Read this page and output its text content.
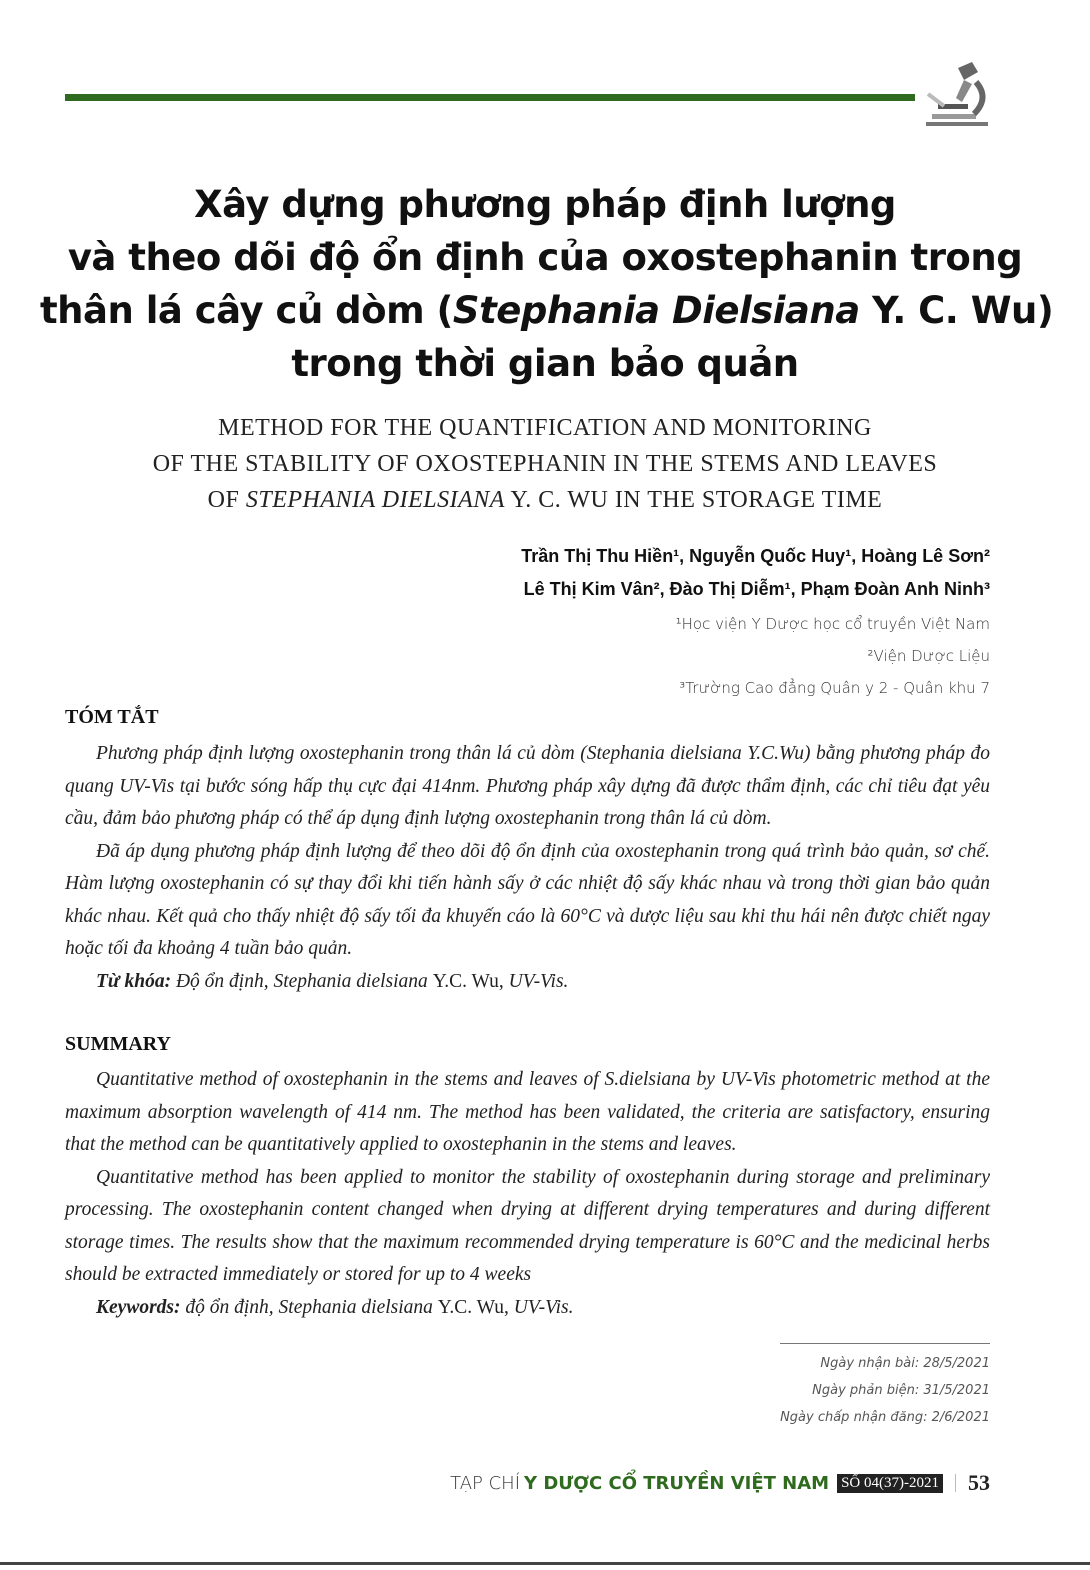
Xây dựng phương pháp định lượng
và theo dõi độ ổn định của oxostephanin trong
thân lá cây củ dòm (Stephania Dielsiana Y. C. Wu)
trong thời gian bảo quản
METHOD FOR THE QUANTIFICATION AND MONITORING
OF THE STABILITY OF OXOSTEPHANIN IN THE STEMS AND LEAVES
OF STEPHANIA DIELSIANA Y. C. WU IN THE STORAGE TIME
Trần Thị Thu Hiền¹, Nguyễn Quốc Huy¹, Hoàng Lê Sơn²
Lê Thị Kim Vân², Đào Thị Diễm¹, Phạm Đoàn Anh Ninh³
¹Học viện Y Dược học cổ truyền Việt Nam
²Viện Dược Liệu
³Trường Cao đẳng Quân y 2 - Quân khu 7
TÓM TẮT

Phương pháp định lượng oxostephanin trong thân lá củ dòm (Stephania dielsiana Y.C.Wu) bằng phương pháp đo quang UV-Vis tại bước sóng hấp thụ cực đại 414nm. Phương pháp xây dựng đã được thẩm định, các chỉ tiêu đạt yêu cầu, đảm bảo phương pháp có thể áp dụng định lượng oxostephanin trong thân lá củ dòm.

Đã áp dụng phương pháp định lượng để theo dõi độ ổn định của oxostephanin trong quá trình bảo quản, sơ chế. Hàm lượng oxostephanin có sự thay đổi khi tiến hành sấy ở các nhiệt độ sấy khác nhau và trong thời gian bảo quản khác nhau. Kết quả cho thấy nhiệt độ sấy tối đa khuyến cáo là 60°C và dược liệu sau khi thu hái nên được chiết ngay hoặc tối đa khoảng 4 tuần bảo quản.

Từ khóa: Độ ổn định, Stephania dielsiana Y.C. Wu, UV-Vis.

SUMMARY

Quantitative method of oxostephanin in the stems and leaves of S.dielsiana by UV-Vis photometric method at the maximum absorption wavelength of 414 nm. The method has been validated, the criteria are satisfactory, ensuring that the method can be quantitatively applied to oxostephanin in the stems and leaves.

Quantitative method has been applied to monitor the stability of oxostephanin during storage and preliminary processing. The oxostephanin content changed when drying at different drying temperatures and during different storage times. The results show that the maximum recommended drying temperature is 60°C and the medicinal herbs should be extracted immediately or stored for up to 4 weeks

Keywords: độ ổn định, Stephania dielsiana Y.C. Wu, UV-Vis.

Ngày nhận bài: 28/5/2021
Ngày phản biện: 31/5/2021
Ngày chấp nhận đăng: 2/6/2021
TẠP CHÍ Y DƯỢC CỔ TRUYỀN VIỆT NAM SỐ 04(37)-2021 53
